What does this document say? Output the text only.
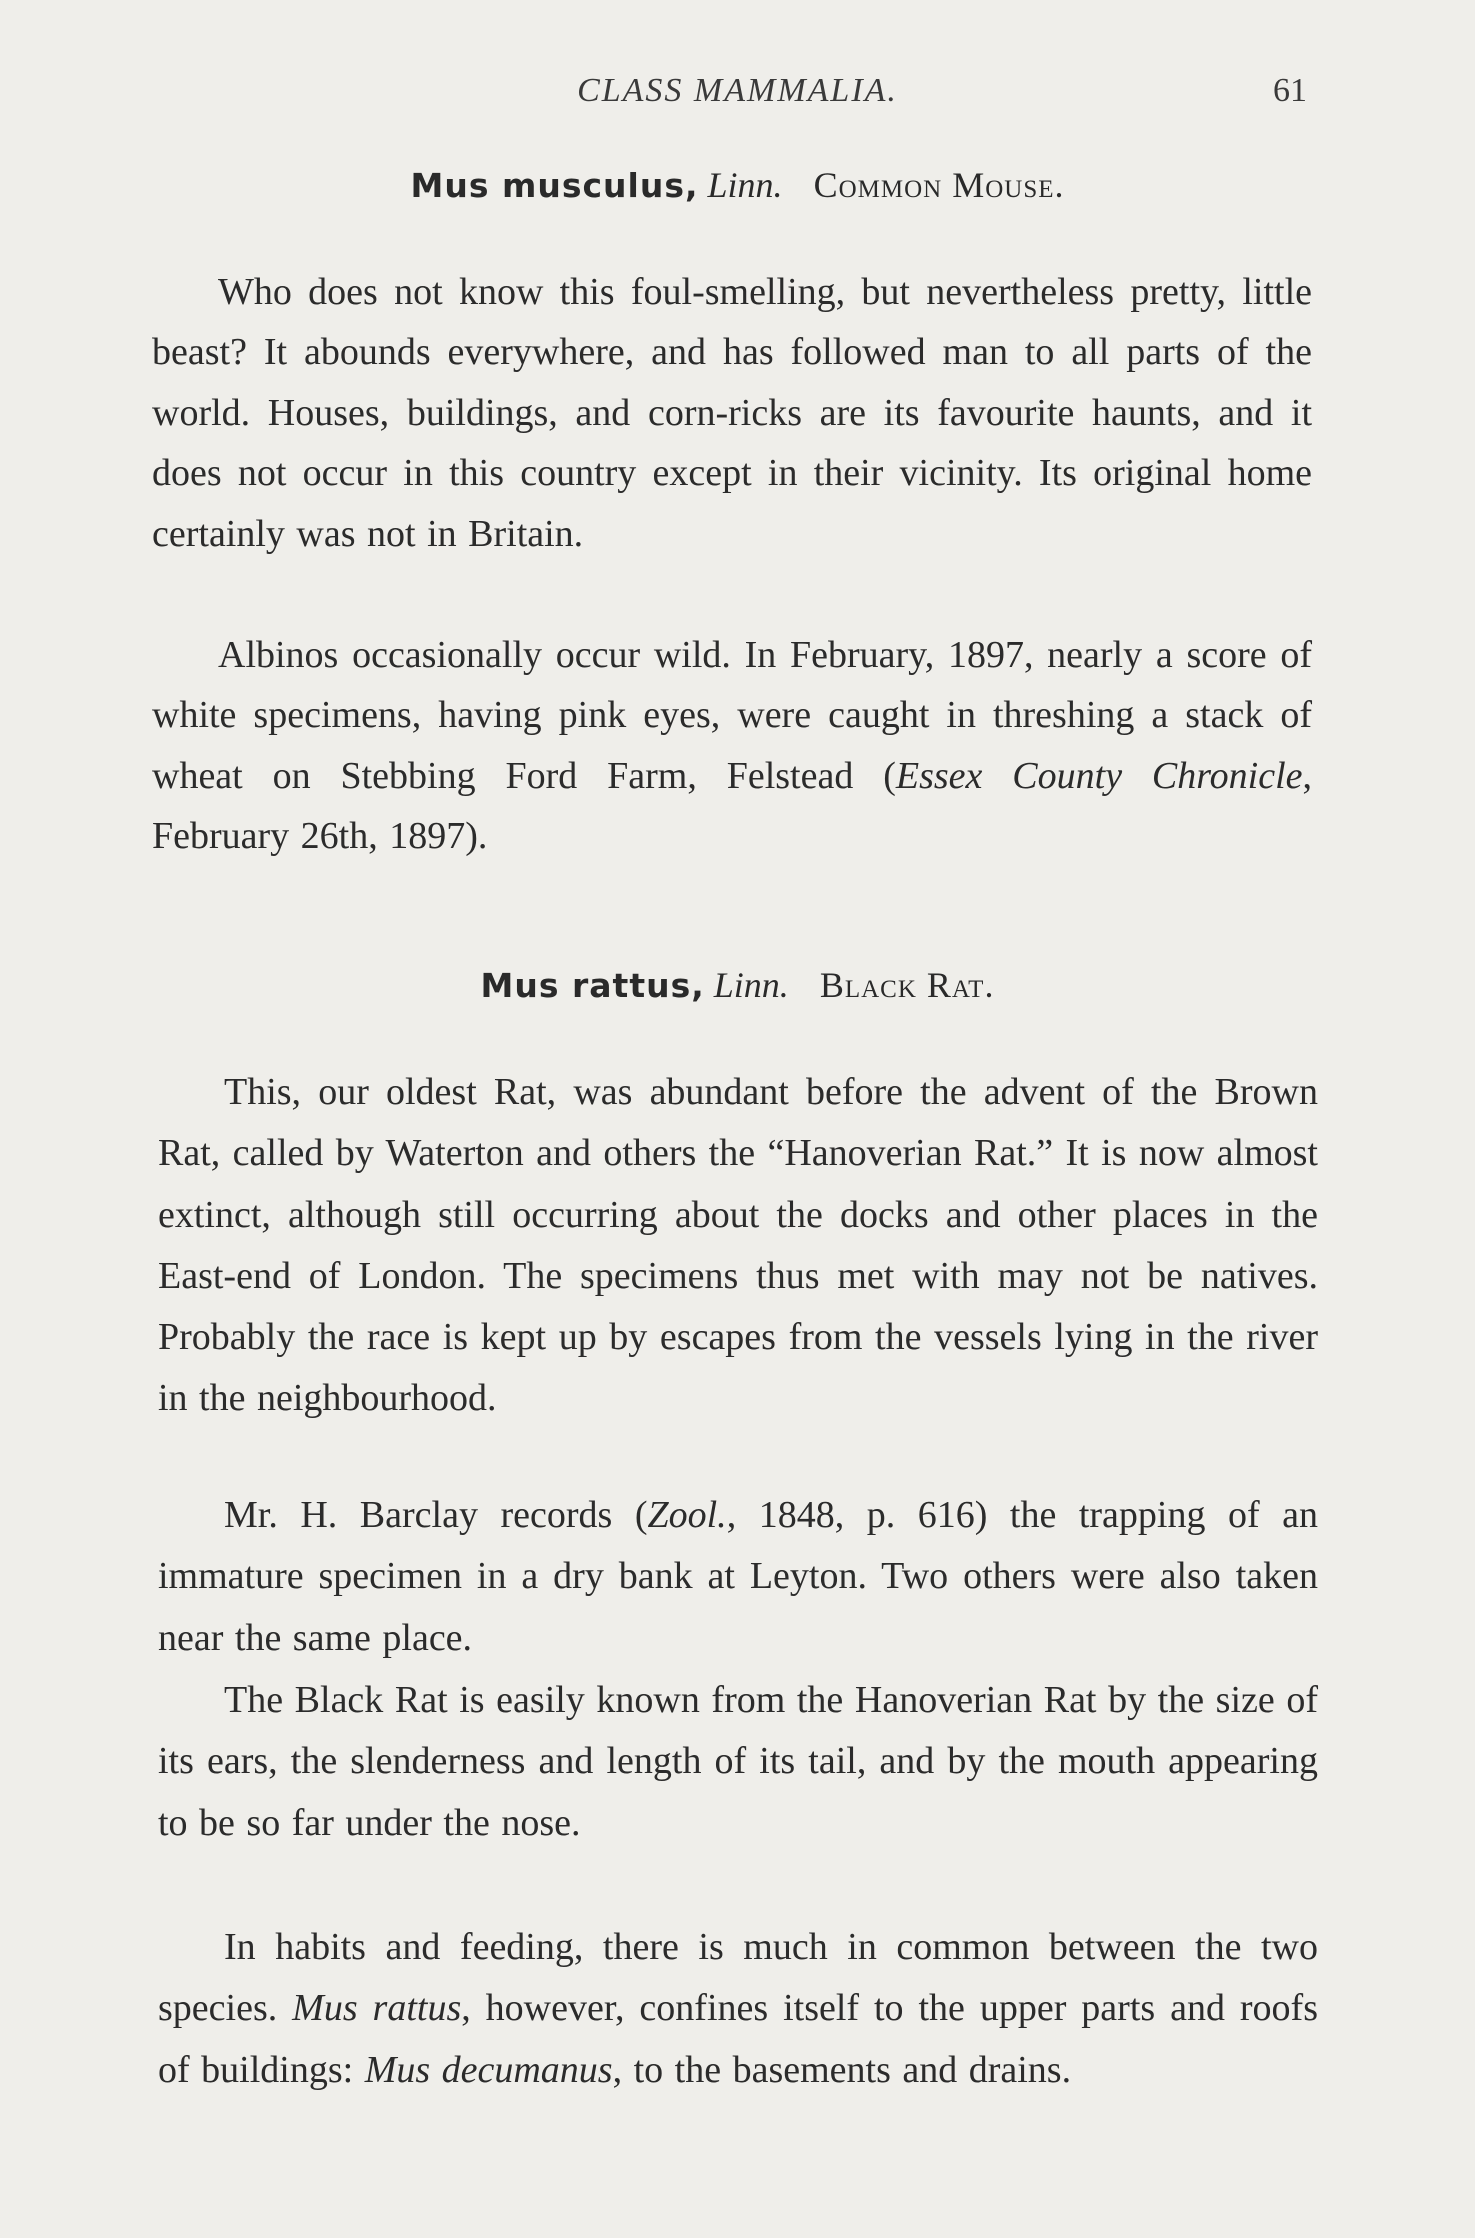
CLASS MAMMALIA.	61
Mus musculus, Linn. Common Mouse.

Who does not know this foul-smelling, but nevertheless pretty, little beast? It abounds everywhere, and has followed man to all parts of the world. Houses, buildings, and corn-ricks are its favourite haunts, and it does not occur in this country except in their vicinity. Its original home certainly was not in Britain.

Albinos occasionally occur wild. In February, 1897, nearly a score of white specimens, having pink eyes, were caught in threshing a stack of wheat on Stebbing Ford Farm, Felstead (Essex County Chronicle, February 26th, 1897).

Mus rattus, Linn. Black Rat.

This, our oldest Rat, was abundant before the advent of the Brown Rat, called by Waterton and others the “Hanoverian Rat.” It is now almost extinct, although still occurring about the docks and other places in the East-end of London. The specimens thus met with may not be natives. Probably the race is kept up by escapes from the vessels lying in the river in the neighbourhood.

Mr. H. Barclay records (Zool., 1848, p. 616) the trapping of an immature specimen in a dry bank at Leyton. Two others were also taken near the same place.

The Black Rat is easily known from the Hanoverian Rat by the size of its ears, the slenderness and length of its tail, and by the mouth appearing to be so far under the nose.

In habits and feeding, there is much in common between the two species. Mus rattus, however, confines itself to the upper parts and roofs of buildings: Mus decumanus, to the basements and drains.
